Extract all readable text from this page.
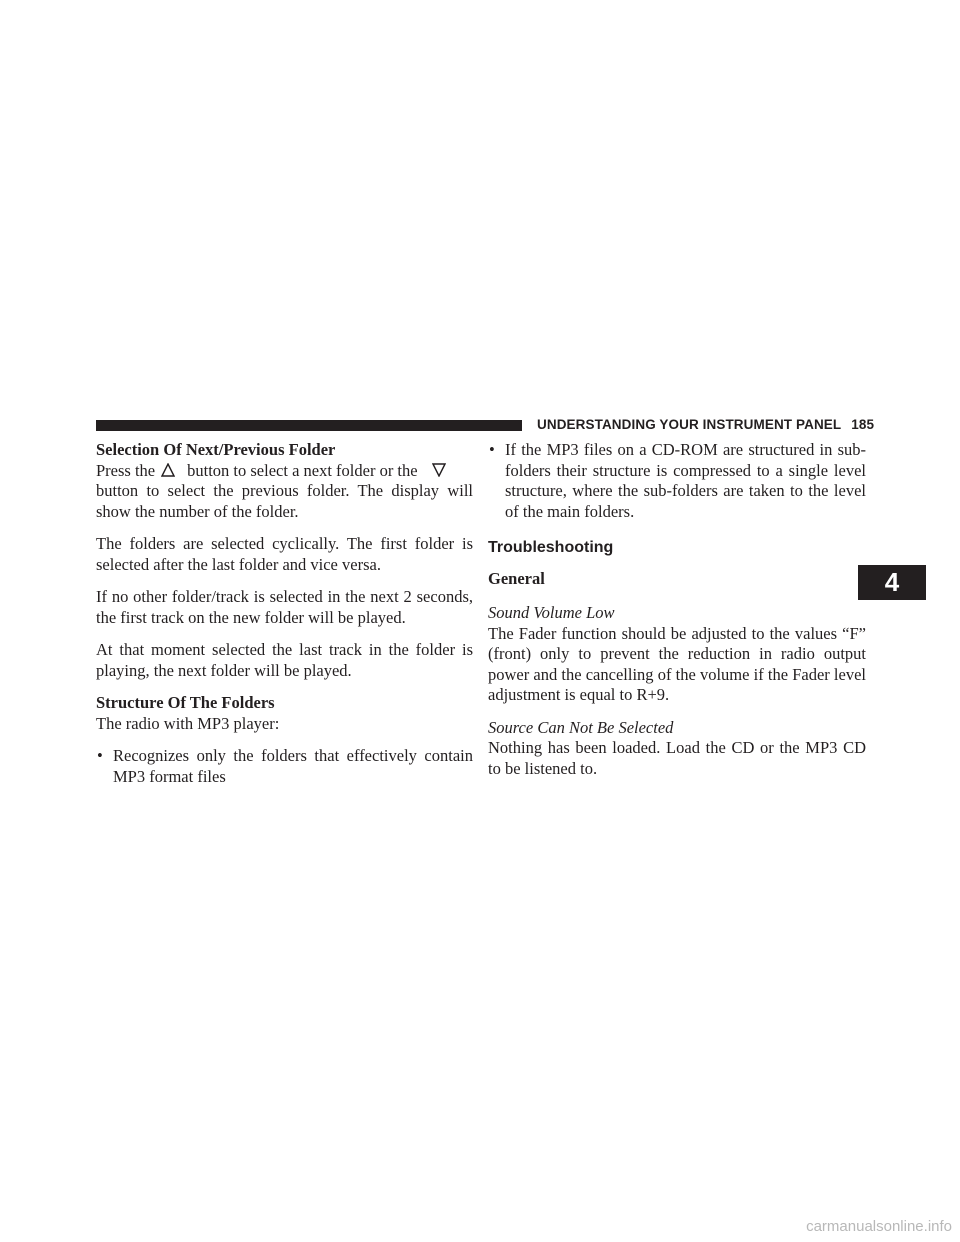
UNDERSTANDING YOUR INSTRUMENT PANEL 185

Selection Of Next/Previous Folder

Press the button to select a next folder or the

button to select the previous folder. The display will show the number of the folder.

The folders are selected cyclically. The first folder is selected after the last folder and vice versa.

If no other folder/track is selected in the next 2 seconds, the first track on the new folder will be played.

At that moment selected the last track in the folder is playing, the next folder will be played.

Structure Of The Folders

The radio with MP3 player:

• Recognizes only the folders that effectively contain MP3 format files
• If the MP3 files on a CD-ROM are structured in sub-folders their structure is compressed to a single level structure, where the sub-folders are taken to the level of the main folders.

Troubleshooting

General

Sound Volume Low

The Fader function should be adjusted to the values “F” (front) only to prevent the reduction in radio output power and the cancelling of the volume if the Fader level adjustment is equal to R+9.

Source Can Not Be Selected

Nothing has been loaded. Load the CD or the MP3 CD to be listened to.

4
carmanualsonline.info
